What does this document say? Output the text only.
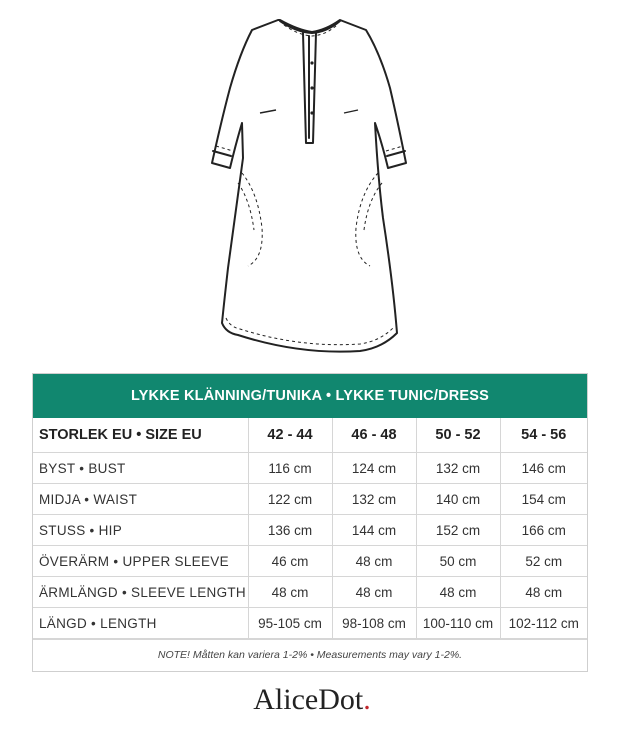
LYKKE KLÄNNING/TUNIKA • LYKKE TUNIC/DRESS
STORLEK EU • SIZE EU	42 - 44	46 - 48	50 - 52	54 - 56
BYST • BUST	116 cm	124 cm	132 cm	146 cm
MIDJA • WAIST	122 cm	132 cm	140 cm	154 cm
STUSS • HIP	136 cm	144 cm	152 cm	166 cm
ÖVERÄRM • UPPER SLEEVE	46 cm	48 cm	50 cm	52 cm
ÄRMLÄNGD • SLEEVE LENGTH	48 cm	48 cm	48 cm	48 cm
LÄNGD • LENGTH	95-105 cm	98-108 cm	100-110 cm	102-112 cm
NOTE! Måtten kan variera 1-2% • Measurements may vary 1-2%.
AliceDot.
